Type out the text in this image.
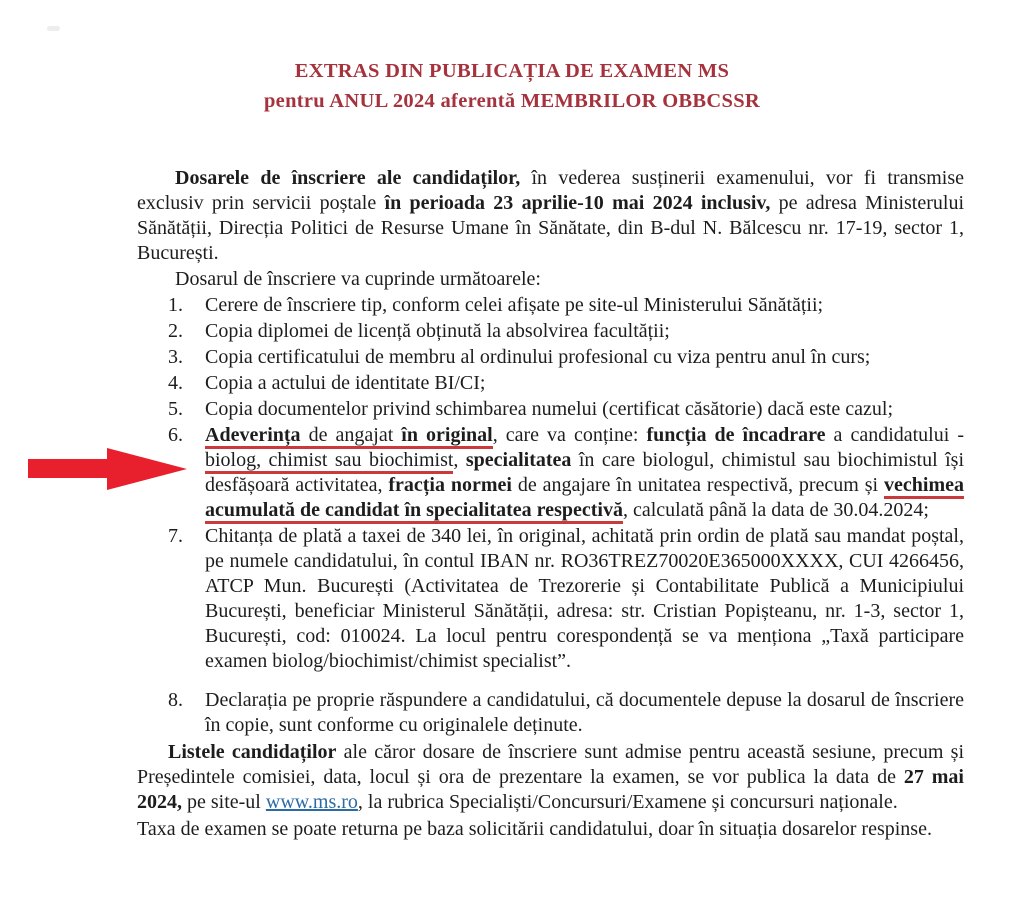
EXTRAS DIN PUBLICAȚIA DE EXAMEN MS
pentru ANUL 2024 aferentă MEMBRILOR OBBCSSR

Dosarele de înscriere ale candidaților, în vederea susținerii examenului, vor fi transmise exclusiv prin servicii poștale în perioada 23 aprilie-10 mai 2024 inclusiv, pe adresa Ministerului Sănătății, Direcția Politici de Resurse Umane în Sănătate, din B-dul N. Bălcescu nr. 17-19, sector 1, București.

Dosarul de înscriere va cuprinde următoarele:

1.	Cerere de înscriere tip, conform celei afișate pe site-ul Ministerului Sănătății;
2.	Copia diplomei de licență obținută la absolvirea facultății;
3.	Copia certificatului de membru al ordinului profesional cu viza pentru anul în curs;
4.	Copia a actului de identitate BI/CI;
5.	Copia documentelor privind schimbarea numelui (certificat căsătorie) dacă este cazul;
6.	Adeverința de angajat în original, care va conține: funcția de încadrare a candidatului - biolog, chimist sau biochimist, specialitatea în care biologul, chimistul sau biochimistul își desfășoară activitatea, fracția normei de angajare în unitatea respectivă, precum și vechimea acumulată de candidat în specialitatea respectivă, calculată până la data de 30.04.2024;
7.	Chitanța de plată a taxei de 340 lei, în original, achitată prin ordin de plată sau mandat poștal, pe numele candidatului, în contul IBAN nr. RO36TREZ70020E365000XXXX, CUI 4266456, ATCP Mun. București (Activitatea de Trezorerie și Contabilitate Publică a Municipiului București, beneficiar Ministerul Sănătății, adresa: str. Cristian Popișteanu, nr. 1-3, sector 1, București, cod: 010024. La locul pentru corespondență se va menționa „Taxă participare examen biolog/biochimist/chimist specialist”.
8.	Declarația pe proprie răspundere a candidatului, că documentele depuse la dosarul de înscriere în copie, sunt conforme cu originalele deținute.

Listele candidaților ale căror dosare de înscriere sunt admise pentru această sesiune, precum și Președintele comisiei, data, locul și ora de prezentare la examen, se vor publica la data de 27 mai 2024, pe site-ul www.ms.ro, la rubrica Specialiști/Concursuri/Examene și concursuri naționale.

Taxa de examen se poate returna pe baza solicitării candidatului, doar în situația dosarelor respinse.
